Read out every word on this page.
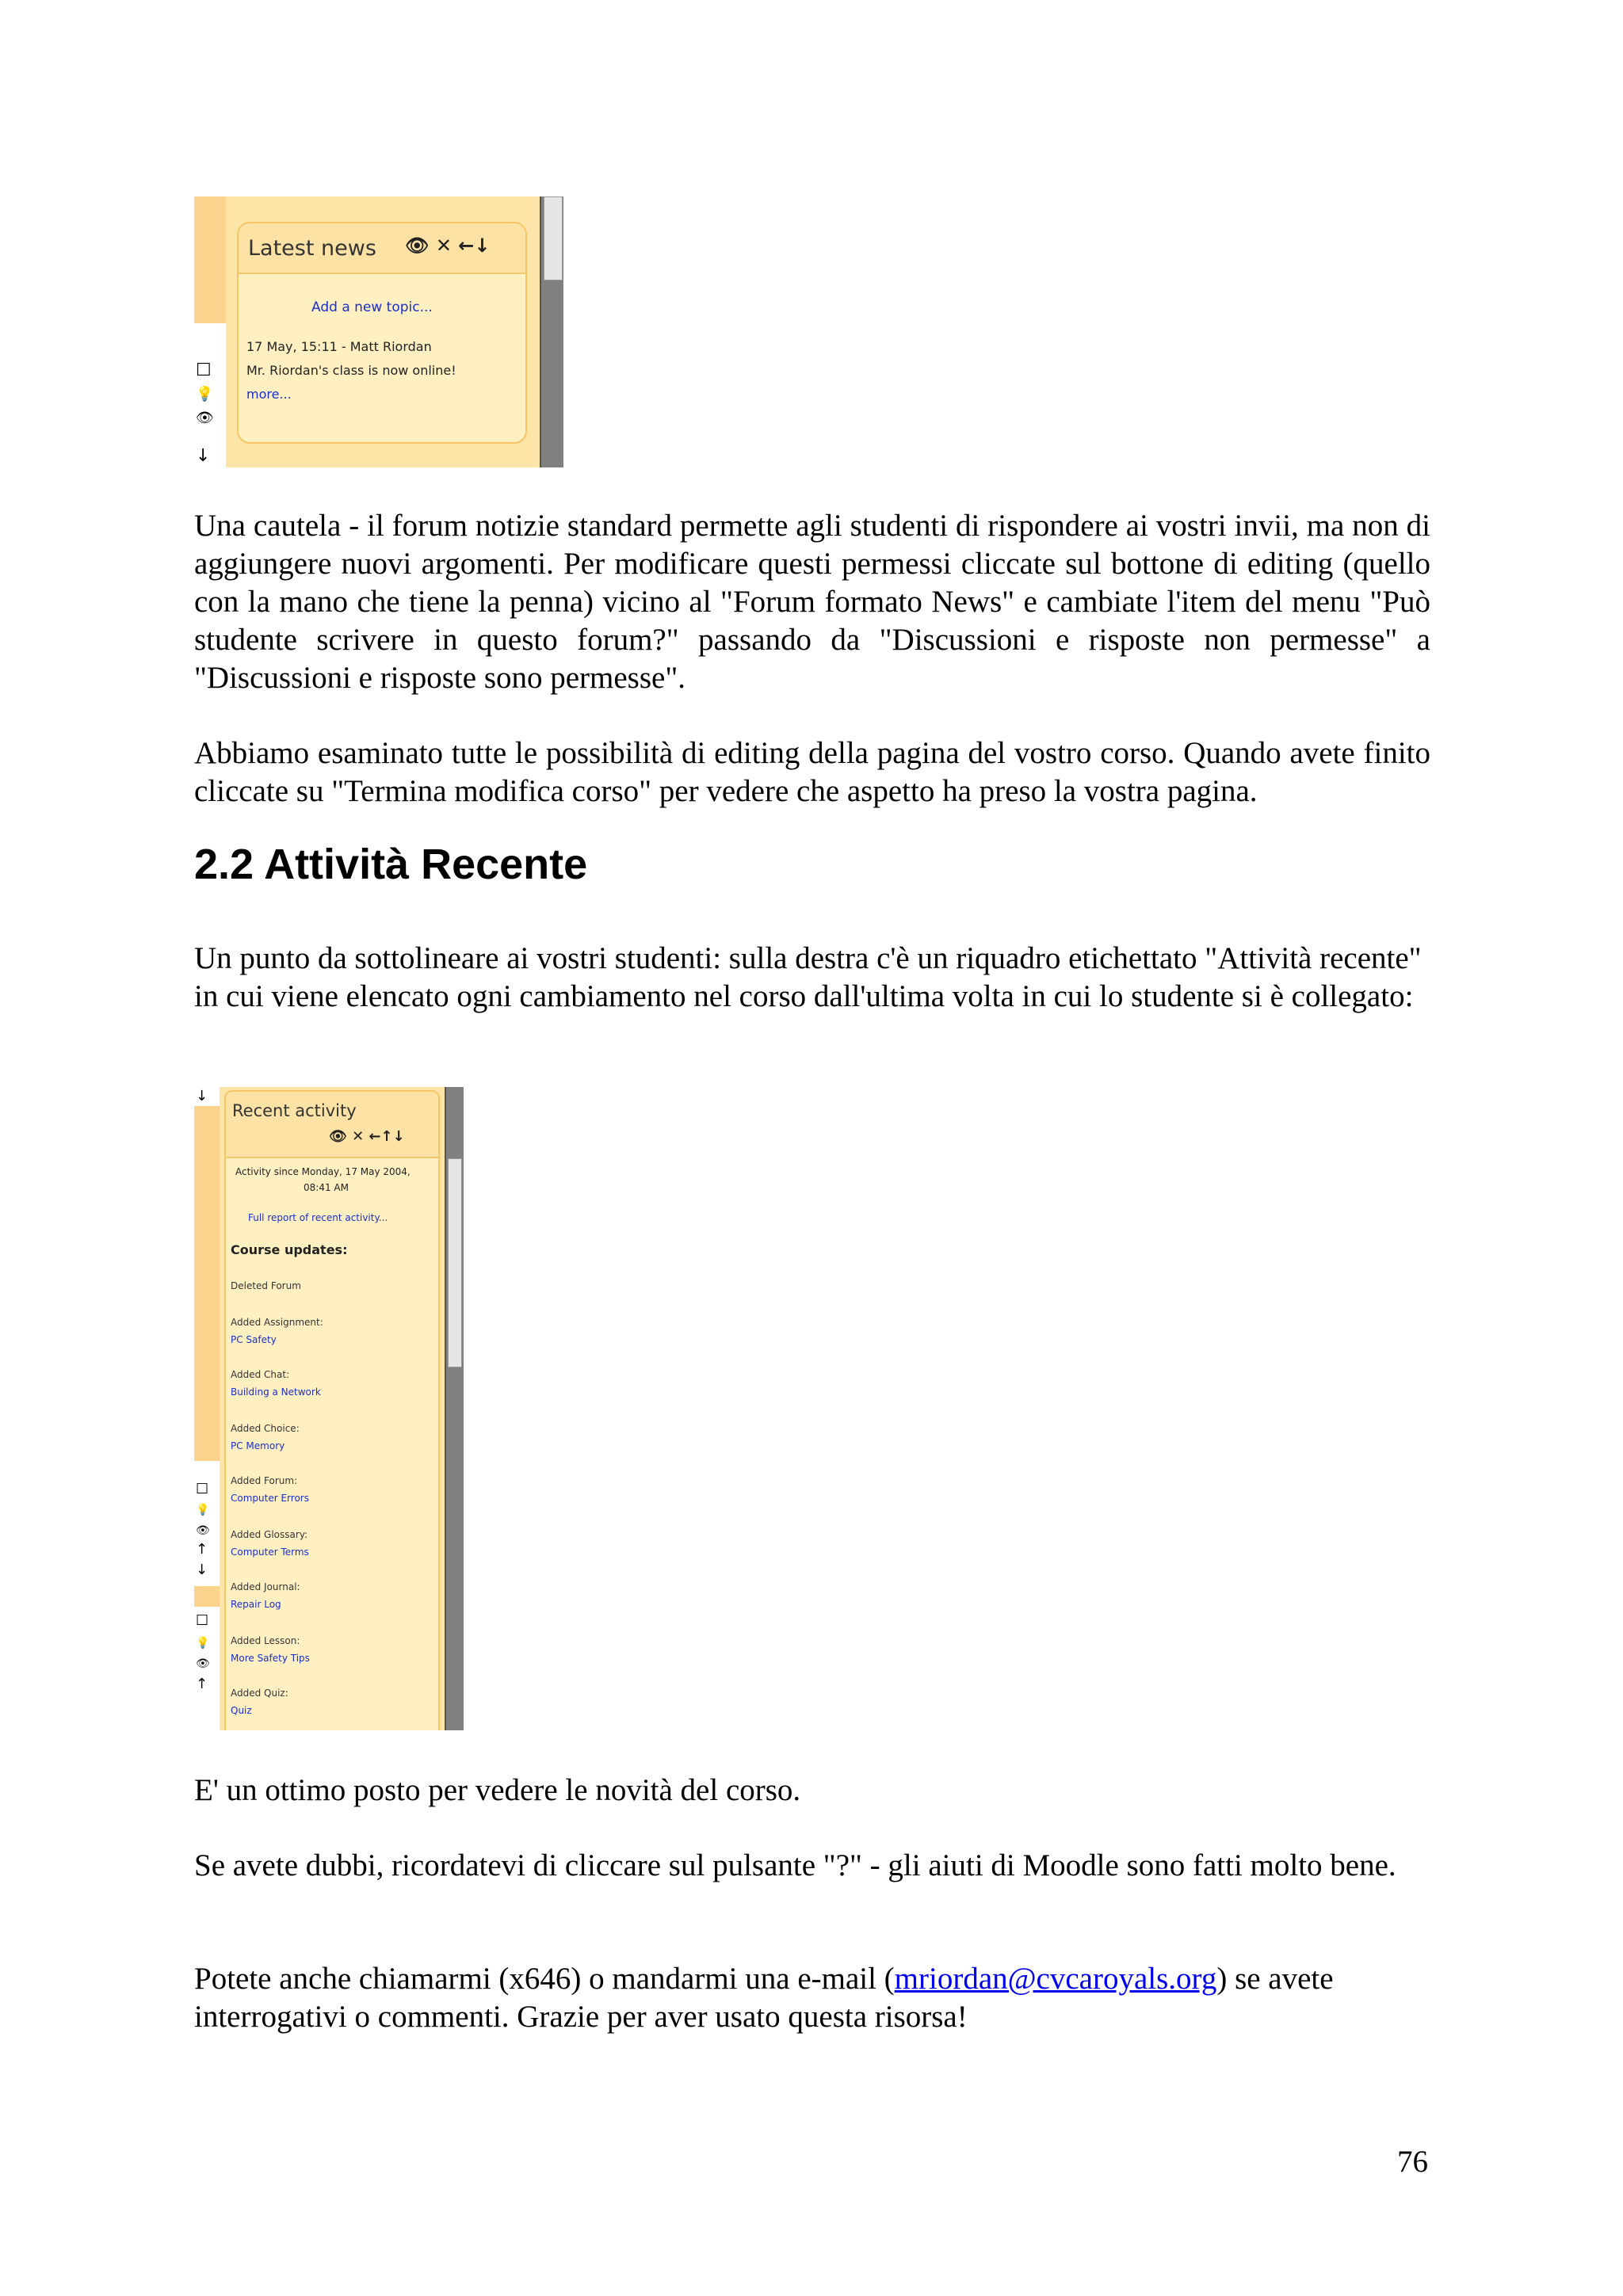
☐
💡
👁
↓
Latest news 👁 ✕ ←↓
Add a new topic...
17 May, 15:11 - Matt Riordan
Mr. Riordan's class is now online!
more...
Una cautela - il forum notizie standard permette agli studenti di rispondere ai vostri invii, ma non di aggiungere nuovi argomenti. Per modificare questi permessi cliccate sul bottone di editing (quello con la mano che tiene la penna) vicino al "Forum formato News" e cambiate l'item del menu "Può studente scrivere in questo forum?" passando da "Discussioni e risposte non permesse" a "Discussioni e risposte sono permesse".
Abbiamo esaminato tutte le possibilità di editing della pagina del vostro corso. Quando avete finito cliccate su "Termina modifica corso" per vedere che aspetto ha preso la vostra pagina.
2.2 Attività Recente
Un punto da sottolineare ai vostri studenti: sulla destra c'è un riquadro etichettato "Attività recente" in cui viene elencato ogni cambiamento nel corso dall'ultima volta in cui lo studente si è collegato:
↓
☐
💡
👁
↑
↓
☐
💡
👁
↑
Recent activity
👁 ✕ ←↑↓
Activity since Monday, 17 May 2004,
08:41 AM
Full report of recent activity...
Course updates:
Deleted Forum
Added Assignment:
PC Safety
Added Chat:
Building a Network
Added Choice:
PC Memory
Added Forum:
Computer Errors
Added Glossary:
Computer Terms
Added Journal:
Repair Log
Added Lesson:
More Safety Tips
Added Quiz:
Quiz
E' un ottimo posto per vedere le novità del corso.
Se avete dubbi, ricordatevi di cliccare sul pulsante "?" - gli aiuti di Moodle sono fatti molto bene.
Potete anche chiamarmi (x646) o mandarmi una e-mail (mriordan@cvcaroyals.org) se avete interrogativi o commenti. Grazie per aver usato questa risorsa!
76
